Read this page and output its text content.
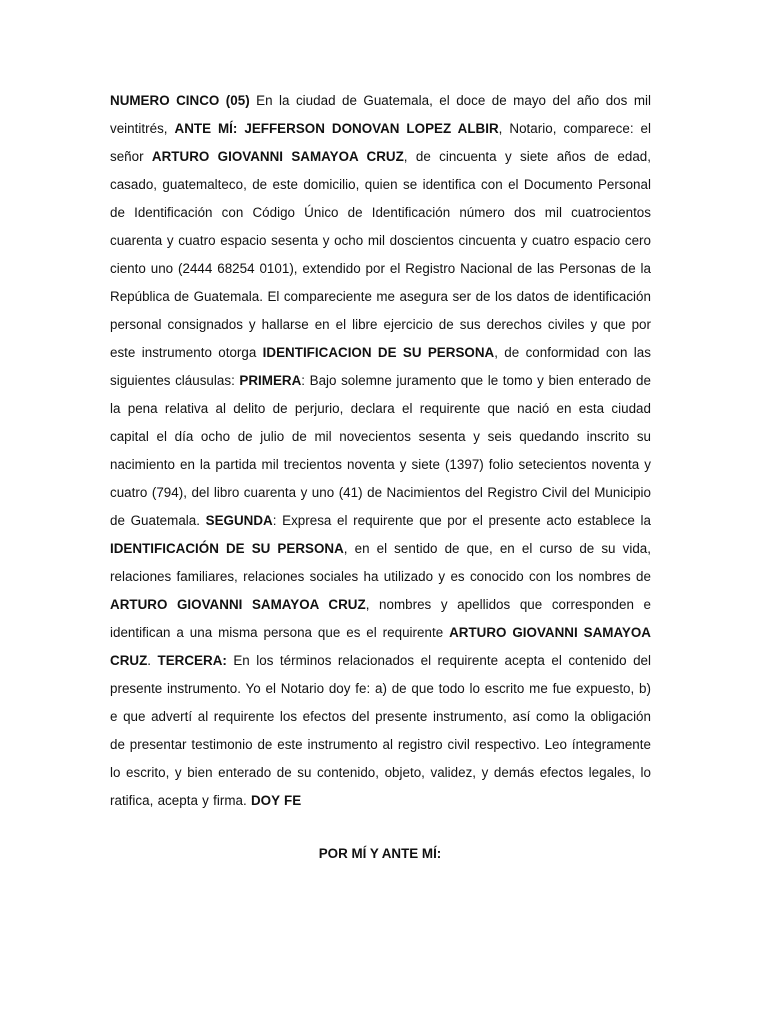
NUMERO CINCO (05) En la ciudad de Guatemala, el doce de mayo del año dos mil veintitrés, ANTE MÍ: JEFFERSON DONOVAN LOPEZ ALBIR, Notario, comparece: el señor ARTURO GIOVANNI SAMAYOA CRUZ, de cincuenta y siete años de edad, casado, guatemalteco, de este domicilio, quien se identifica con el Documento Personal de Identificación con Código Único de Identificación número dos mil cuatrocientos cuarenta y cuatro espacio sesenta y ocho mil doscientos cincuenta y cuatro espacio cero ciento uno (2444 68254 0101), extendido por el Registro Nacional de las Personas de la República de Guatemala. El compareciente me asegura ser de los datos de identificación personal consignados y hallarse en el libre ejercicio de sus derechos civiles y que por este instrumento otorga IDENTIFICACION DE SU PERSONA, de conformidad con las siguientes cláusulas: PRIMERA: Bajo solemne juramento que le tomo y bien enterado de la pena relativa al delito de perjurio, declara el requirente que nació en esta ciudad capital el día ocho de julio de mil novecientos sesenta y seis quedando inscrito su nacimiento en la partida mil trecientos noventa y siete (1397) folio setecientos noventa y cuatro (794), del libro cuarenta y uno (41) de Nacimientos del Registro Civil del Municipio de Guatemala. SEGUNDA: Expresa el requirente que por el presente acto establece la IDENTIFICACIÓN DE SU PERSONA, en el sentido de que, en el curso de su vida, relaciones familiares, relaciones sociales ha utilizado y es conocido con los nombres de ARTURO GIOVANNI SAMAYOA CRUZ, nombres y apellidos que corresponden e identifican a una misma persona que es el requirente ARTURO GIOVANNI SAMAYOA CRUZ. TERCERA: En los términos relacionados el requirente acepta el contenido del presente instrumento. Yo el Notario doy fe: a) de que todo lo escrito me fue expuesto, b) e que advertí al requirente los efectos del presente instrumento, así como la obligación de presentar testimonio de este instrumento al registro civil respectivo. Leo íntegramente lo escrito, y bien enterado de su contenido, objeto, validez, y demás efectos legales, lo ratifica, acepta y firma. DOY FE

POR MÍ Y ANTE MÍ:
